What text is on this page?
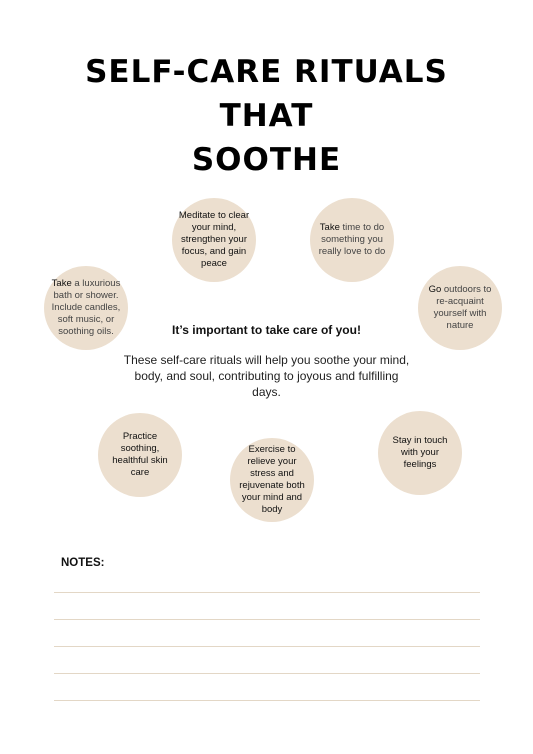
SELF-CARE RITUALS THAT
SOOTHE
Meditate to clear your mind, strengthen your focus, and gain peace
Take time to do something you really love to do
Take a luxurious bath or shower. Include candles, soft music, or soothing oils.
Go outdoors to re-acquaint yourself with nature
It’s important to take care of you!
These self-care rituals will help you soothe your mind, body, and soul, contributing to joyous and fulfilling days.
Practice soothing, healthful skin care
Stay in touch with your feelings
Exercise to relieve your stress and rejuvenate both your mind and body
NOTES:
